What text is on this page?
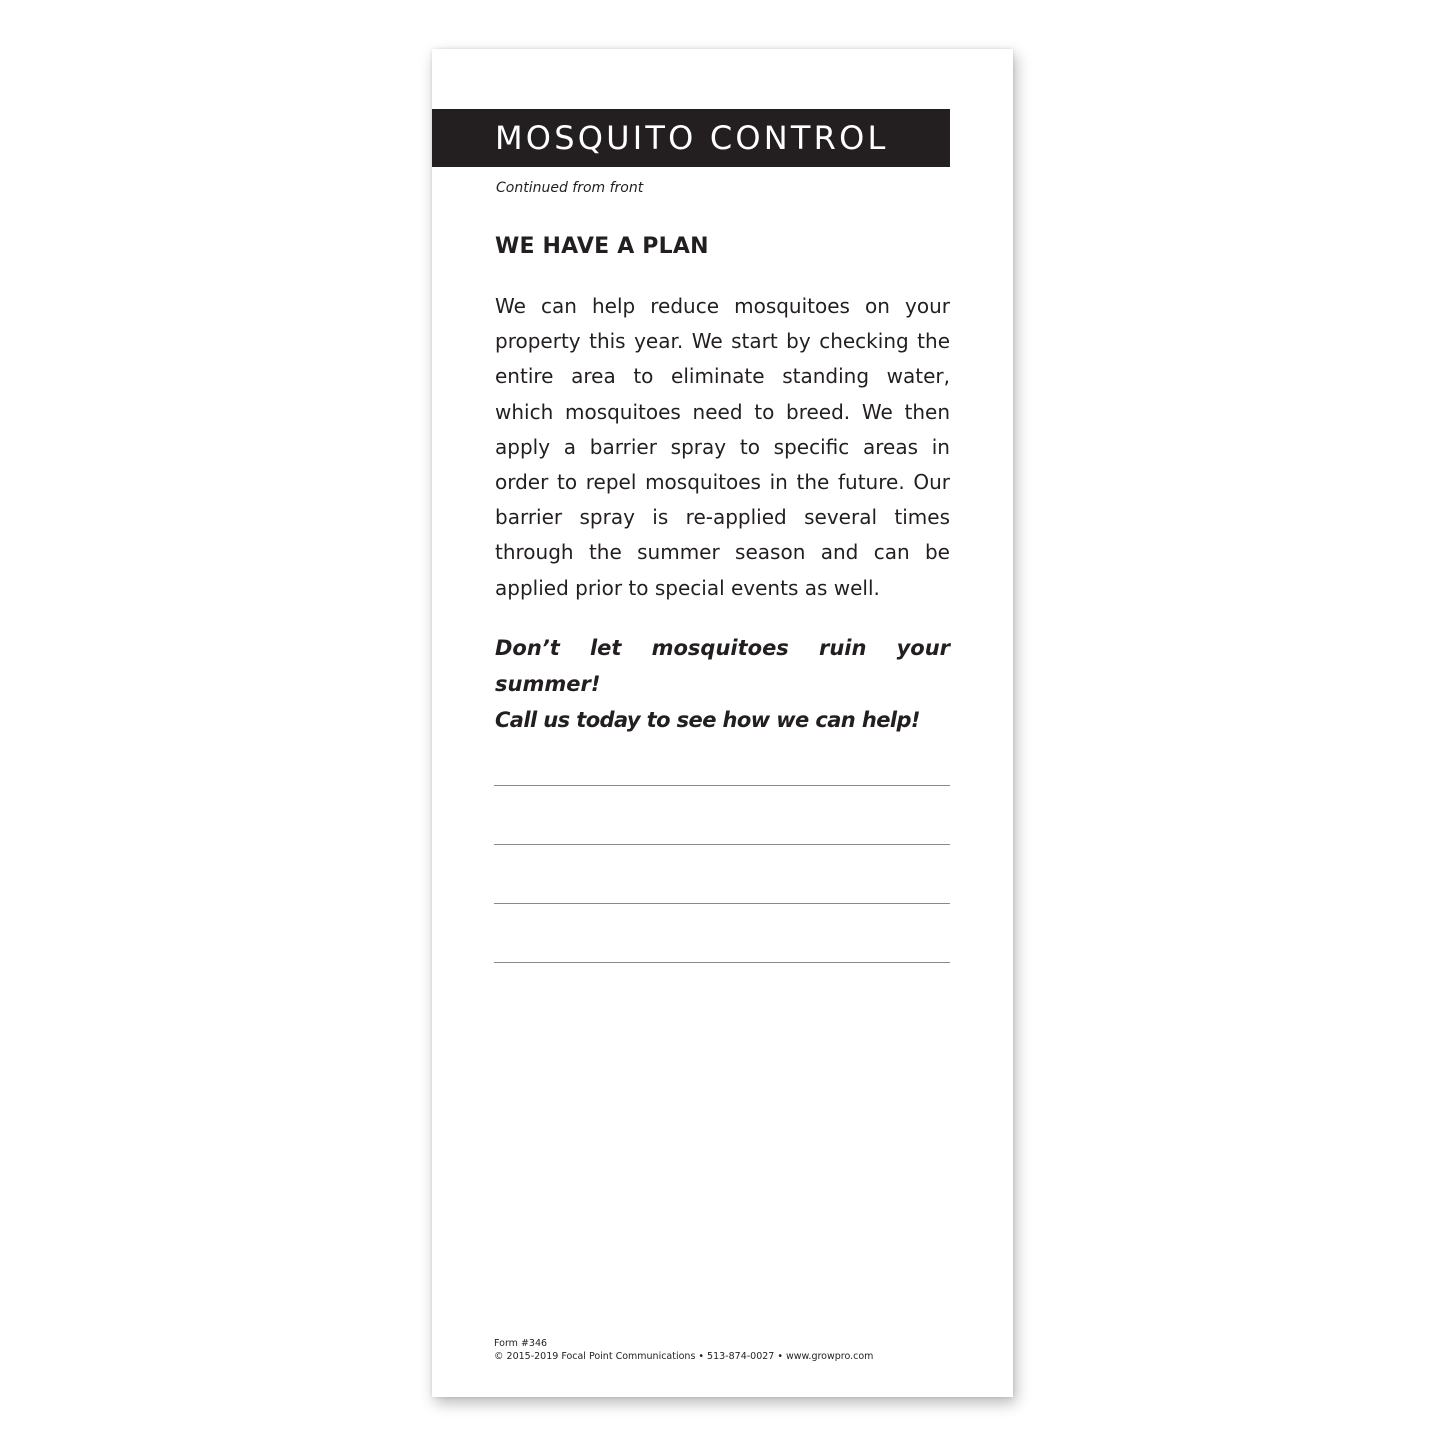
MOSQUITO CONTROL
Continued from front
WE HAVE A PLAN
We can help reduce mosquitoes on your property this year. We start by checking the entire area to eliminate standing water, which mosquitoes need to breed. We then apply a barrier spray to specific areas in order to repel mosquitoes in the future. Our barrier spray is re-applied several times through the summer season and can be applied prior to special events as well.
Don’t let mosquitoes ruin your summer!
Call us today to see how we can help!
Form #346
© 2015-2019 Focal Point Communications • 513-874-0027 • www.growpro.com
